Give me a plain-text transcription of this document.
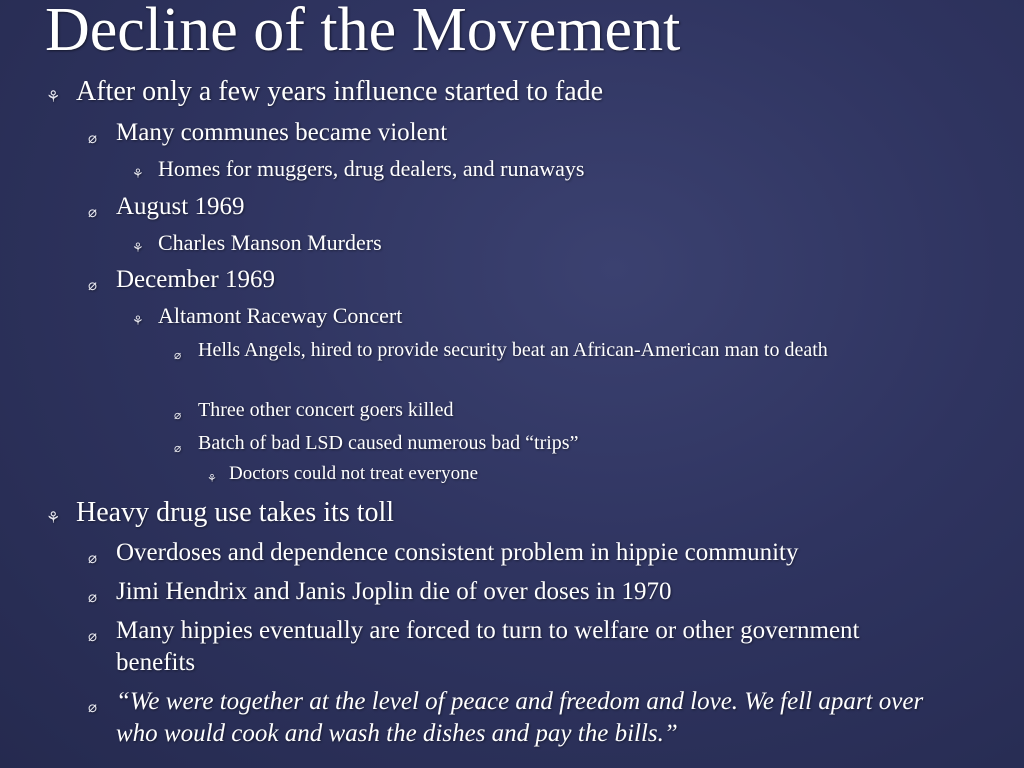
Decline of the Movement
⚘ After only a few years influence started to fade
⌀ Many communes became violent
⚘ Homes for muggers, drug dealers, and runaways
⌀ August 1969
⚘ Charles Manson Murders
⌀ December 1969
⚘ Altamont Raceway Concert
⌀ Hells Angels, hired to provide security beat an African-American man to death
⌀ Three other concert goers killed
⌀ Batch of bad LSD caused numerous bad “trips”
⚘ Doctors could not treat everyone
⚘ Heavy drug use takes its toll
⌀ Overdoses and dependence consistent problem in hippie community
⌀ Jimi Hendrix and Janis Joplin die of over doses in 1970
⌀ Many hippies eventually are forced to turn to welfare or other government benefits
⌀ “We were together at the level of peace and freedom and love. We fell apart over who would cook and wash the dishes and pay the bills.”
